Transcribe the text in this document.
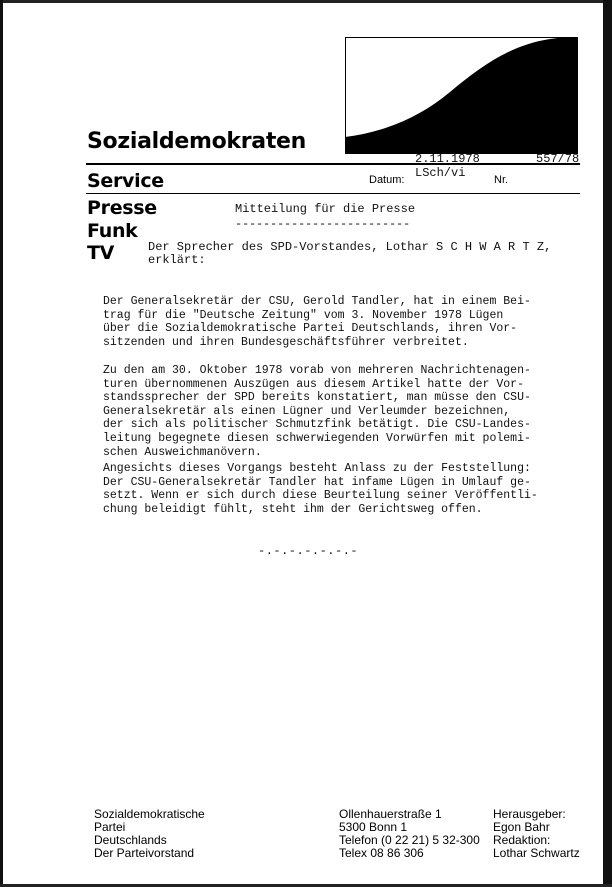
SPD
Sozialdemokraten
2.11.1978	557/78
Service	Datum: LSch/vi	Nr.
Presse
Funk
TV
Mitteilung für die Presse
-------------------------
Der Sprecher des SPD-Vorstandes, Lothar S C H W A R T Z,
erklärt:

Der Generalsekretär der CSU, Gerold Tandler, hat in einem Bei-
trag für die "Deutsche Zeitung" vom 3. November 1978 Lügen
über die Sozialdemokratische Partei Deutschlands, ihren Vor-
sitzenden und ihren Bundesgeschäftsführer verbreitet.

Zu den am 30. Oktober 1978 vorab von mehreren Nachrichtenagen-
turen übernommenen Auszügen aus diesem Artikel hatte der Vor-
standssprecher der SPD bereits konstatiert, man müsse den CSU-
Generalsekretär als einen Lügner und Verleumder bezeichnen,
der sich als politischer Schmutzfink betätigt. Die CSU-Landes-
leitung begegnete diesen schwerwiegenden Vorwürfen mit polemi-
schen Ausweichmanövern.

Angesichts dieses Vorgangs besteht Anlass zu der Feststellung:
Der CSU-Generalsekretär Tandler hat infame Lügen in Umlauf ge-
setzt. Wenn er sich durch diese Beurteilung seiner Veröffentli-
chung beleidigt fühlt, steht ihm der Gerichtsweg offen.

-.-.-.-.-.-.-
Sozialdemokratische
Partei
Deutschlands
Der Parteivorstand
Ollenhauerstraße 1
5300 Bonn 1
Telefon (0 22 21) 5 32-300
Telex 08 86 306
Herausgeber:
Egon Bahr
Redaktion:
Lothar Schwartz
